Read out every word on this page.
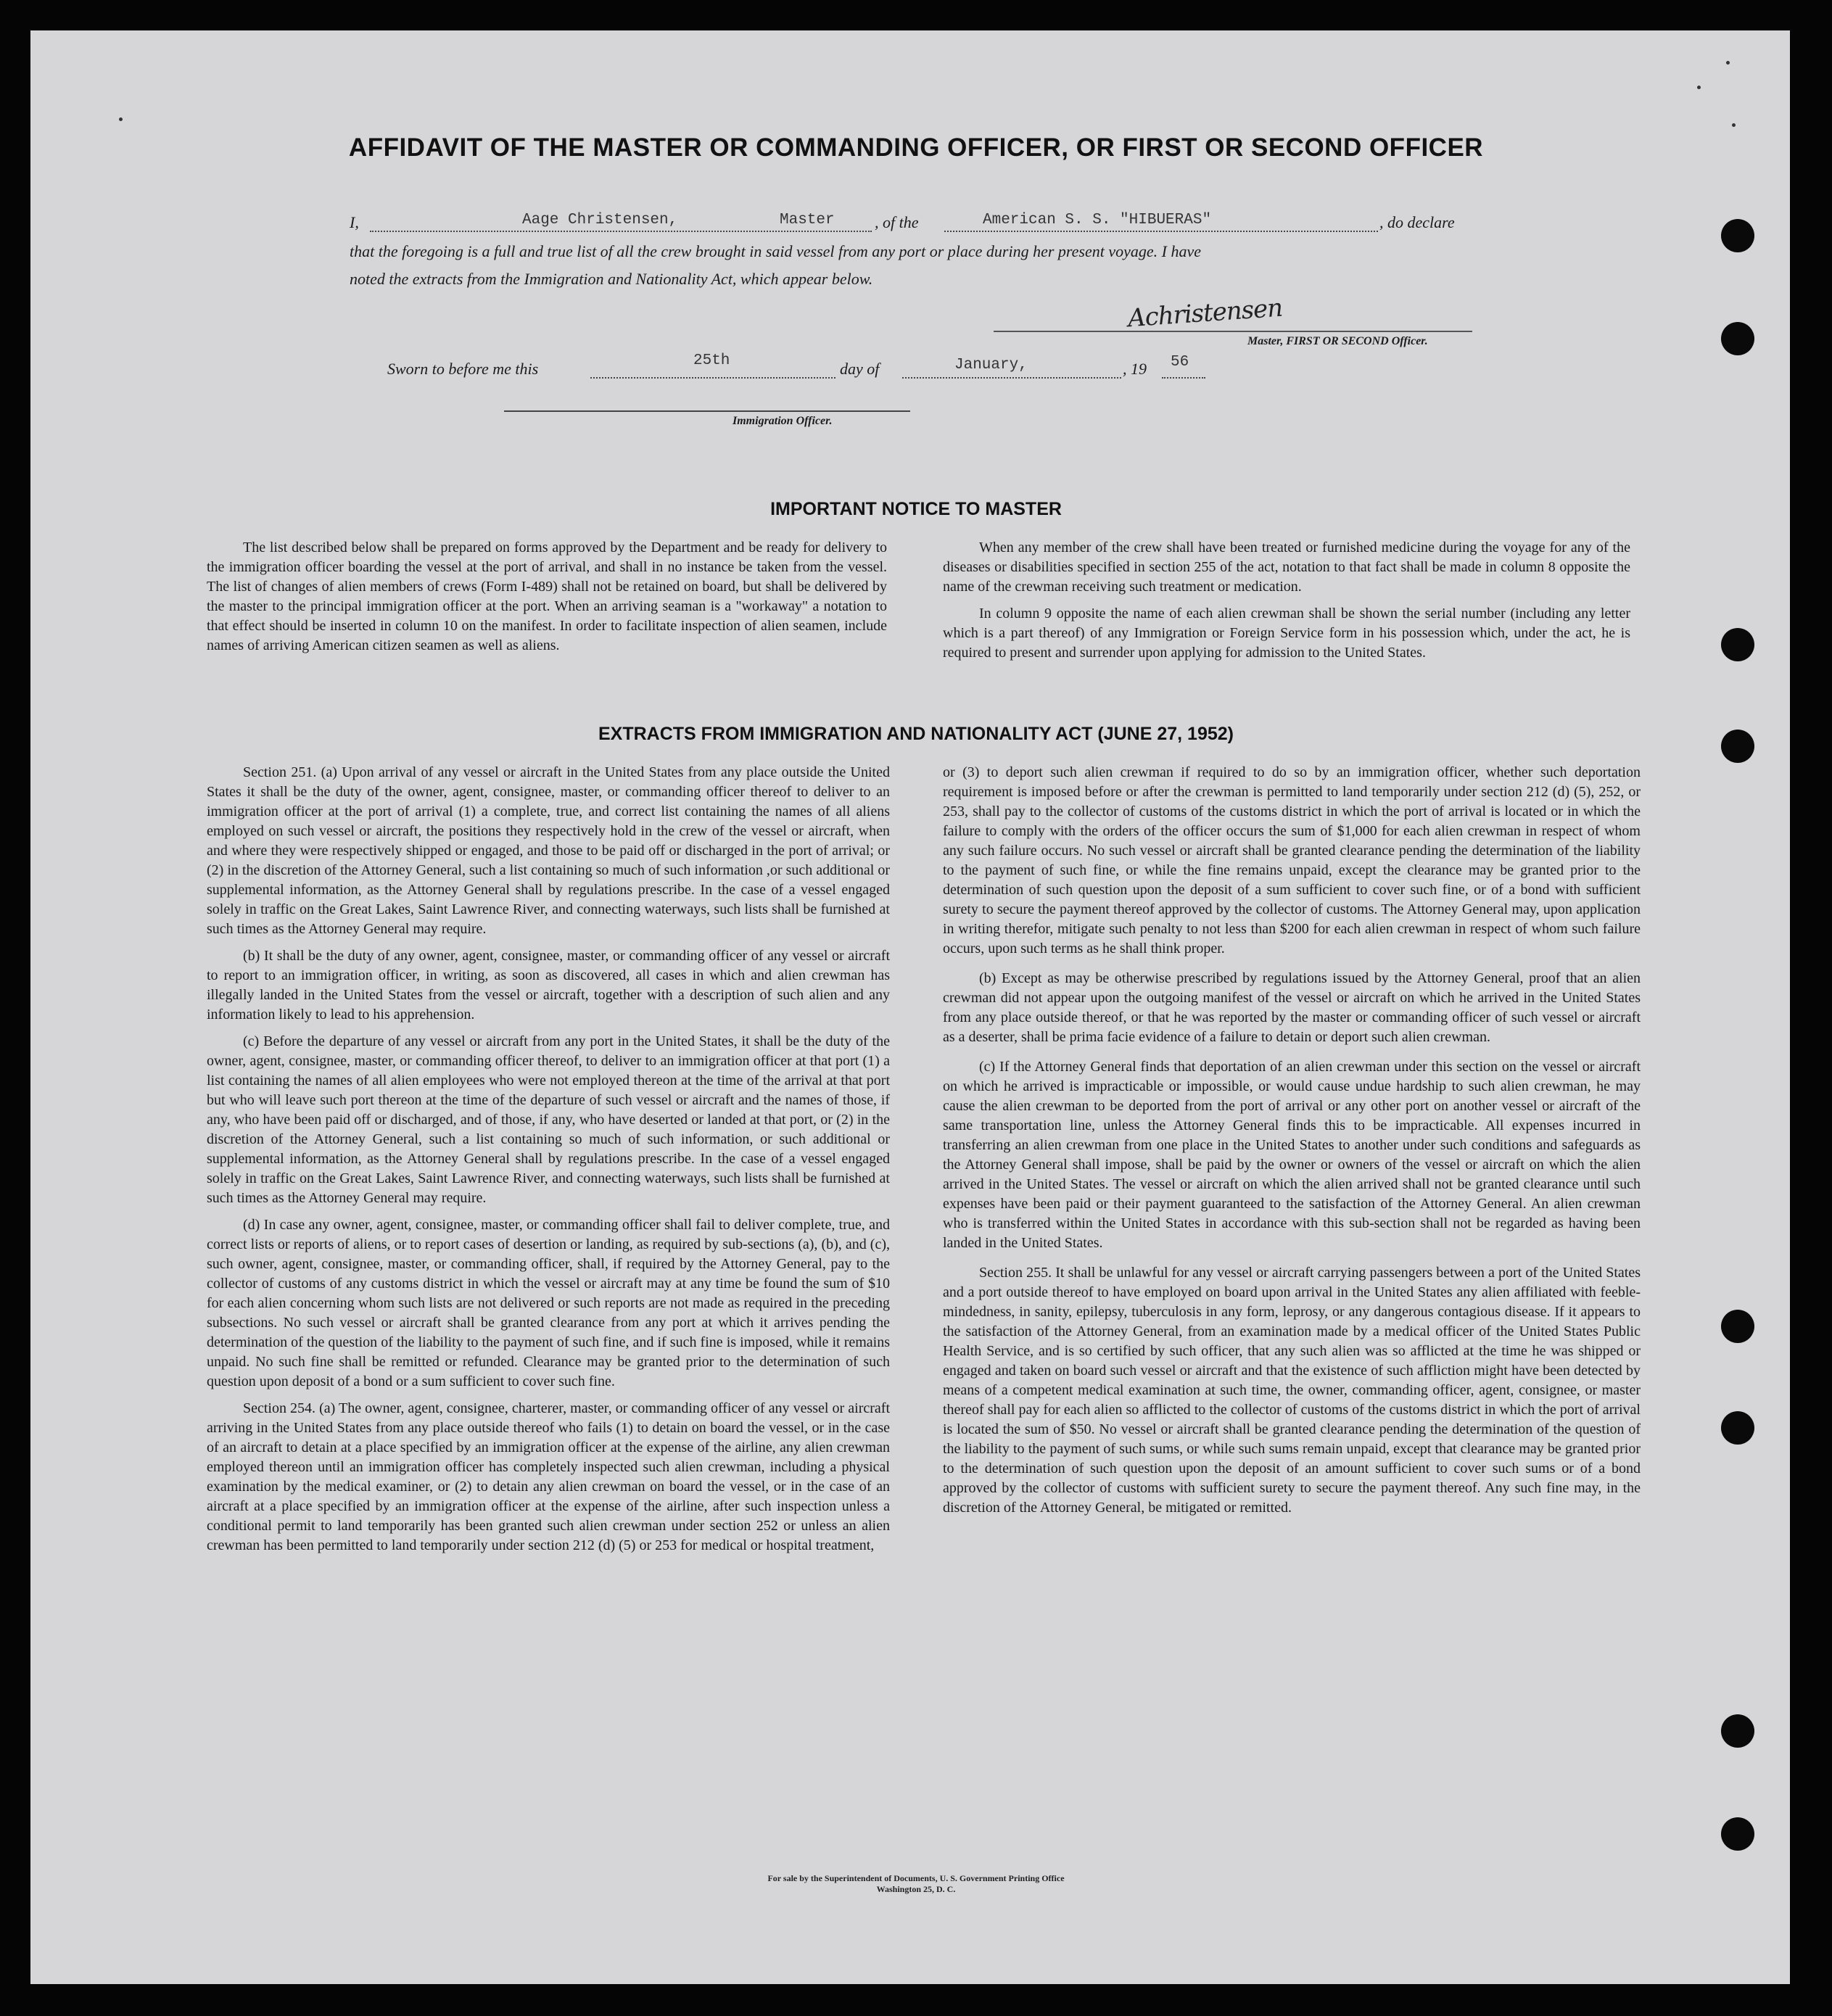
AFFIDAVIT OF THE MASTER OR COMMANDING OFFICER, OR FIRST OR SECOND OFFICER
I,	Aage Christensen,	Master	, of the	American S. S. "HIBUERAS"	, do declare
that the foregoing is a full and true list of all the crew brought in said vessel from any port or place during her present voyage. I have
noted the extracts from the Immigration and Nationality Act, which appear below.
Achristensen
Master, FIRST OR SECOND Officer.
Sworn to before me this	25th	day of	January,	, 19 56
Immigration Officer.
IMPORTANT NOTICE TO MASTER

The list described below shall be prepared on forms approved by the Department and be ready for delivery to the immigration officer boarding the vessel at the port of arrival, and shall in no instance be taken from the vessel. The list of changes of alien members of crews (Form I-489) shall not be retained on board, but shall be delivered by the master to the principal immigration officer at the port. When an arriving seaman is a "workaway" a notation to that effect should be inserted in column 10 on the manifest. In order to facilitate inspection of alien seamen, include names of arriving American citizen seamen as well as aliens.

When any member of the crew shall have been treated or furnished medicine during the voyage for any of the diseases or disabilities specified in section 255 of the act, notation to that fact shall be made in column 8 opposite the name of the crewman receiving such treatment or medication.

In column 9 opposite the name of each alien crewman shall be shown the serial number (including any letter which is a part thereof) of any Immigration or Foreign Service form in his possession which, under the act, he is required to present and surrender upon applying for admission to the United States.

EXTRACTS FROM IMMIGRATION AND NATIONALITY ACT (JUNE 27, 1952)

Section 251. (a) Upon arrival of any vessel or aircraft in the United States from any place outside the United States it shall be the duty of the owner, agent, consignee, master, or commanding officer thereof to deliver to an immigration officer at the port of arrival (1) a complete, true, and correct list containing the names of all aliens employed on such vessel or aircraft, the positions they respectively hold in the crew of the vessel or aircraft, when and where they were respectively shipped or engaged, and those to be paid off or discharged in the port of arrival; or (2) in the discretion of the Attorney General, such a list containing so much of such information ,or such additional or supplemental information, as the Attorney General shall by regulations prescribe. In the case of a vessel engaged solely in traffic on the Great Lakes, Saint Lawrence River, and connecting waterways, such lists shall be furnished at such times as the Attorney General may require.

(b) It shall be the duty of any owner, agent, consignee, master, or commanding officer of any vessel or aircraft to report to an immigration officer, in writing, as soon as discovered, all cases in which and alien crewman has illegally landed in the United States from the vessel or aircraft, together with a description of such alien and any information likely to lead to his apprehension.

(c) Before the departure of any vessel or aircraft from any port in the United States, it shall be the duty of the owner, agent, consignee, master, or commanding officer thereof, to deliver to an immigration officer at that port (1) a list containing the names of all alien employees who were not employed thereon at the time of the arrival at that port but who will leave such port thereon at the time of the departure of such vessel or aircraft and the names of those, if any, who have been paid off or discharged, and of those, if any, who have deserted or landed at that port, or (2) in the discretion of the Attorney General, such a list containing so much of such information, or such additional or supplemental information, as the Attorney General shall by regulations prescribe. In the case of a vessel engaged solely in traffic on the Great Lakes, Saint Lawrence River, and connecting waterways, such lists shall be furnished at such times as the Attorney General may require.

(d) In case any owner, agent, consignee, master, or commanding officer shall fail to deliver complete, true, and correct lists or reports of aliens, or to report cases of desertion or landing, as required by sub-sections (a), (b), and (c), such owner, agent, consignee, master, or commanding officer, shall, if required by the Attorney General, pay to the collector of customs of any customs district in which the vessel or aircraft may at any time be found the sum of $10 for each alien concerning whom such lists are not delivered or such reports are not made as required in the preceding subsections. No such vessel or aircraft shall be granted clearance from any port at which it arrives pending the determination of the question of the liability to the payment of such fine, and if such fine is imposed, while it remains unpaid. No such fine shall be remitted or refunded. Clearance may be granted prior to the determination of such question upon deposit of a bond or a sum sufficient to cover such fine.

Section 254. (a) The owner, agent, consignee, charterer, master, or commanding officer of any vessel or aircraft arriving in the United States from any place outside thereof who fails (1) to detain on board the vessel, or in the case of an aircraft to detain at a place specified by an immigration officer at the expense of the airline, any alien crewman employed thereon until an immigration officer has completely inspected such alien crewman, including a physical examination by the medical examiner, or (2) to detain any alien crewman on board the vessel, or in the case of an aircraft at a place specified by an immigration officer at the expense of the airline, after such inspection unless a conditional permit to land temporarily has been granted such alien crewman under section 252 or unless an alien crewman has been permitted to land temporarily under section 212 (d) (5) or 253 for medical or hospital treatment,

or (3) to deport such alien crewman if required to do so by an immigration officer, whether such deportation requirement is imposed before or after the crewman is permitted to land temporarily under section 212 (d) (5), 252, or 253, shall pay to the collector of customs of the customs district in which the port of arrival is located or in which the failure to comply with the orders of the officer occurs the sum of $1,000 for each alien crewman in respect of whom any such failure occurs. No such vessel or aircraft shall be granted clearance pending the determination of the liability to the payment of such fine, or while the fine remains unpaid, except the clearance may be granted prior to the determination of such question upon the deposit of a sum sufficient to cover such fine, or of a bond with sufficient surety to secure the payment thereof approved by the collector of customs. The Attorney General may, upon application in writing therefor, mitigate such penalty to not less than $200 for each alien crewman in respect of whom such failure occurs, upon such terms as he shall think proper.

(b) Except as may be otherwise prescribed by regulations issued by the Attorney General, proof that an alien crewman did not appear upon the outgoing manifest of the vessel or aircraft on which he arrived in the United States from any place outside thereof, or that he was reported by the master or commanding officer of such vessel or aircraft as a deserter, shall be prima facie evidence of a failure to detain or deport such alien crewman.

(c) If the Attorney General finds that deportation of an alien crewman under this section on the vessel or aircraft on which he arrived is impracticable or impossible, or would cause undue hardship to such alien crewman, he may cause the alien crewman to be deported from the port of arrival or any other port on another vessel or aircraft of the same transportation line, unless the Attorney General finds this to be impracticable. All expenses incurred in transferring an alien crewman from one place in the United States to another under such conditions and safeguards as the Attorney General shall impose, shall be paid by the owner or owners of the vessel or aircraft on which the alien arrived in the United States. The vessel or aircraft on which the alien arrived shall not be granted clearance until such expenses have been paid or their payment guaranteed to the satisfaction of the Attorney General. An alien crewman who is transferred within the United States in accordance with this sub-section shall not be regarded as having been landed in the United States.

Section 255. It shall be unlawful for any vessel or aircraft carrying passengers between a port of the United States and a port outside thereof to have employed on board upon arrival in the United States any alien affiliated with feeble-mindedness, in sanity, epilepsy, tuberculosis in any form, leprosy, or any dangerous contagious disease. If it appears to the satisfaction of the Attorney General, from an examination made by a medical officer of the United States Public Health Service, and is so certified by such officer, that any such alien was so afflicted at the time he was shipped or engaged and taken on board such vessel or aircraft and that the existence of such affliction might have been detected by means of a competent medical examination at such time, the owner, commanding officer, agent, consignee, or master thereof shall pay for each alien so afflicted to the collector of customs of the customs district in which the port of arrival is located the sum of $50. No vessel or aircraft shall be granted clearance pending the determination of the question of the liability to the payment of such sums, or while such sums remain unpaid, except that clearance may be granted prior to the determination of such question upon the deposit of an amount sufficient to cover such sums or of a bond approved by the collector of customs with sufficient surety to secure the payment thereof. Any such fine may, in the discretion of the Attorney General, be mitigated or remitted.

For sale by the Superintendent of Documents, U. S. Government Printing Office
Washington 25, D. C.
